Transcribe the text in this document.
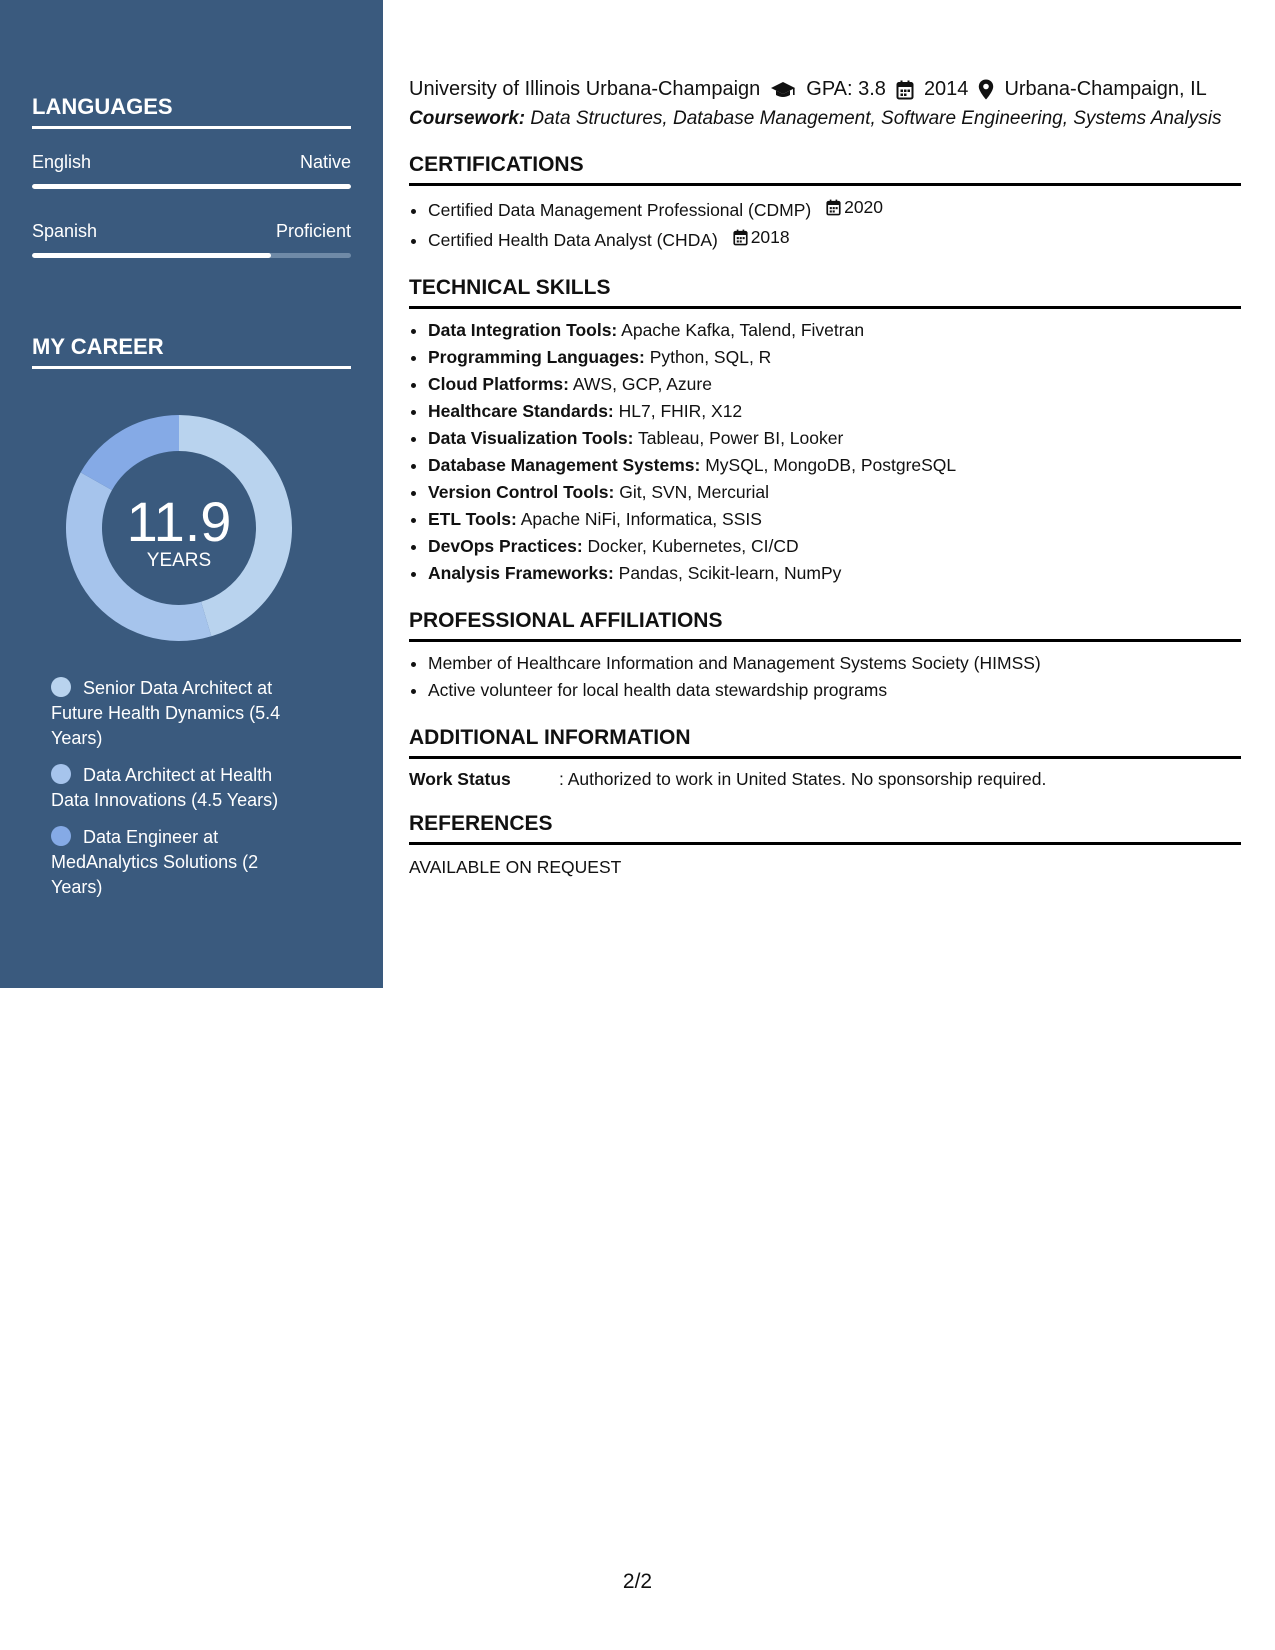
LANGUAGES
English	Native
Spanish	Proficient
MY CAREER
11.9
YEARS
Senior Data Architect at Future Health Dynamics (5.4 Years)
Data Architect at Health Data Innovations (4.5 Years)
Data Engineer at MedAnalytics Solutions (2 Years)
University of Illinois Urbana-Champaign GPA: 3.8 2014 Urbana-Champaign, IL
Coursework: Data Structures, Database Management, Software Engineering, Systems Analysis
CERTIFICATIONS
• Certified Data Management Professional (CDMP) 2020
• Certified Health Data Analyst (CHDA) 2018
TECHNICAL SKILLS
• Data Integration Tools: Apache Kafka, Talend, Fivetran
• Programming Languages: Python, SQL, R
• Cloud Platforms: AWS, GCP, Azure
• Healthcare Standards: HL7, FHIR, X12
• Data Visualization Tools: Tableau, Power BI, Looker
• Database Management Systems: MySQL, MongoDB, PostgreSQL
• Version Control Tools: Git, SVN, Mercurial
• ETL Tools: Apache NiFi, Informatica, SSIS
• DevOps Practices: Docker, Kubernetes, CI/CD
• Analysis Frameworks: Pandas, Scikit-learn, NumPy
PROFESSIONAL AFFILIATIONS
• Member of Healthcare Information and Management Systems Society (HIMSS)
• Active volunteer for local health data stewardship programs
ADDITIONAL INFORMATION
Work Status	: Authorized to work in United States. No sponsorship required.
REFERENCES
AVAILABLE ON REQUEST
2/2
